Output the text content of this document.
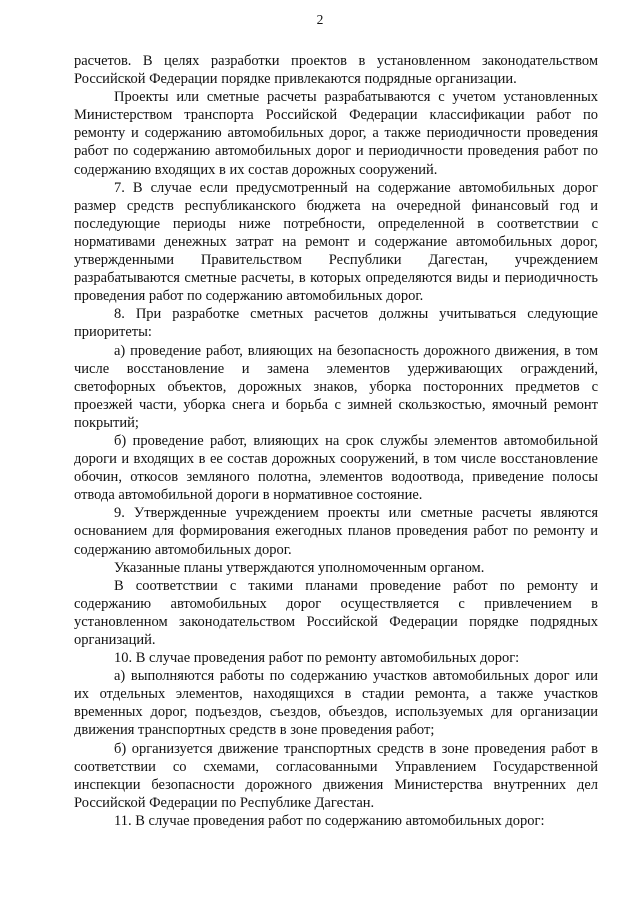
2

расчетов. В целях разработки проектов в установленном законодательством Российской Федерации порядке привлекаются подрядные организации.

Проекты или сметные расчеты разрабатываются с учетом установленных Министерством транспорта Российской Федерации классификации работ по ремонту и содержанию автомобильных дорог, а также периодичности проведения работ по содержанию автомобильных дорог и периодичности проведения работ по содержанию входящих в их состав дорожных сооружений.

7. В случае если предусмотренный на содержание автомобильных дорог размер средств республиканского бюджета на очередной финансовый год и последующие периоды ниже потребности, определенной в соответствии с нормативами денежных затрат на ремонт и содержание автомобильных дорог, утвержденными Правительством Республики Дагестан, учреждением разрабатываются сметные расчеты, в которых определяются виды и периодичность проведения работ по содержанию автомобильных дорог.

8. При разработке сметных расчетов должны учитываться следующие приоритеты:

а) проведение работ, влияющих на безопасность дорожного движения, в том числе восстановление и замена элементов удерживающих ограждений, светофорных объектов, дорожных знаков, уборка посторонних предметов с проезжей части, уборка снега и борьба с зимней скользкостью, ямочный ремонт покрытий;

б) проведение работ, влияющих на срок службы элементов автомобильной дороги и входящих в ее состав дорожных сооружений, в том числе восстановление обочин, откосов земляного полотна, элементов водоотвода, приведение полосы отвода автомобильной дороги в нормативное состояние.

9. Утвержденные учреждением проекты или сметные расчеты являются основанием для формирования ежегодных планов проведения работ по ремонту и содержанию автомобильных дорог.

Указанные планы утверждаются уполномоченным органом.

В соответствии с такими планами проведение работ по ремонту и содержанию автомобильных дорог осуществляется с привлечением в установленном законодательством Российской Федерации порядке подрядных организаций.

10. В случае проведения работ по ремонту автомобильных дорог:

а) выполняются работы по содержанию участков автомобильных дорог или их отдельных элементов, находящихся в стадии ремонта, а также участков временных дорог, подъездов, съездов, объездов, используемых для организации движения транспортных средств в зоне проведения работ;

б) организуется движение транспортных средств в зоне проведения работ в соответствии со схемами, согласованными Управлением Государственной инспекции безопасности дорожного движения Министерства внутренних дел Российской Федерации по Республике Дагестан.

11. В случае проведения работ по содержанию автомобильных дорог:
